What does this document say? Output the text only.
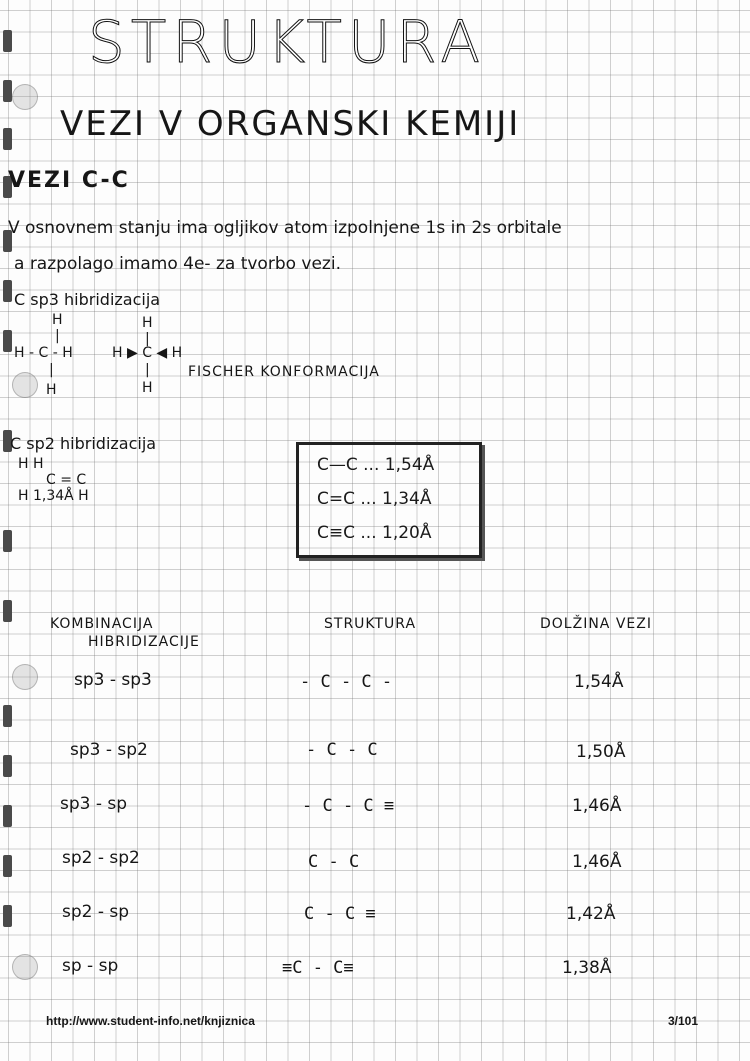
STRUKTURA
VEZI V ORGANSKI KEMIJI
VEZI C-C
V osnovnem stanju ima ogljikov atom izpolnjene 1s in 2s orbitale
a razpolago imamo 4e- za tvorbo vezi.
C sp3 hibridizacija
H
|
H - C - H
|
H
H
|
H ▶ C ◀ H
|
H
FISCHER KONFORMACIJA
C sp2 hibridizacija
H H
C = C
H 1,34Å H
C—C ... 1,54Å
C=C ... 1,34Å
C≡C ... 1,20Å
KOMBINACIJA
HIBRIDIZACIJE
STRUKTURA	DOLŽINA VEZI
sp3 - sp3	- C - C -	1,54Å
sp3 - sp2	- C - C	1,50Å
sp3 - sp	- C - C ≡	1,46Å
sp2 - sp2	C - C	1,46Å
sp2 - sp	C - C ≡	1,42Å
sp - sp	≡C - C≡	1,38Å
http://www.student-info.net/knjiznica	3/101
